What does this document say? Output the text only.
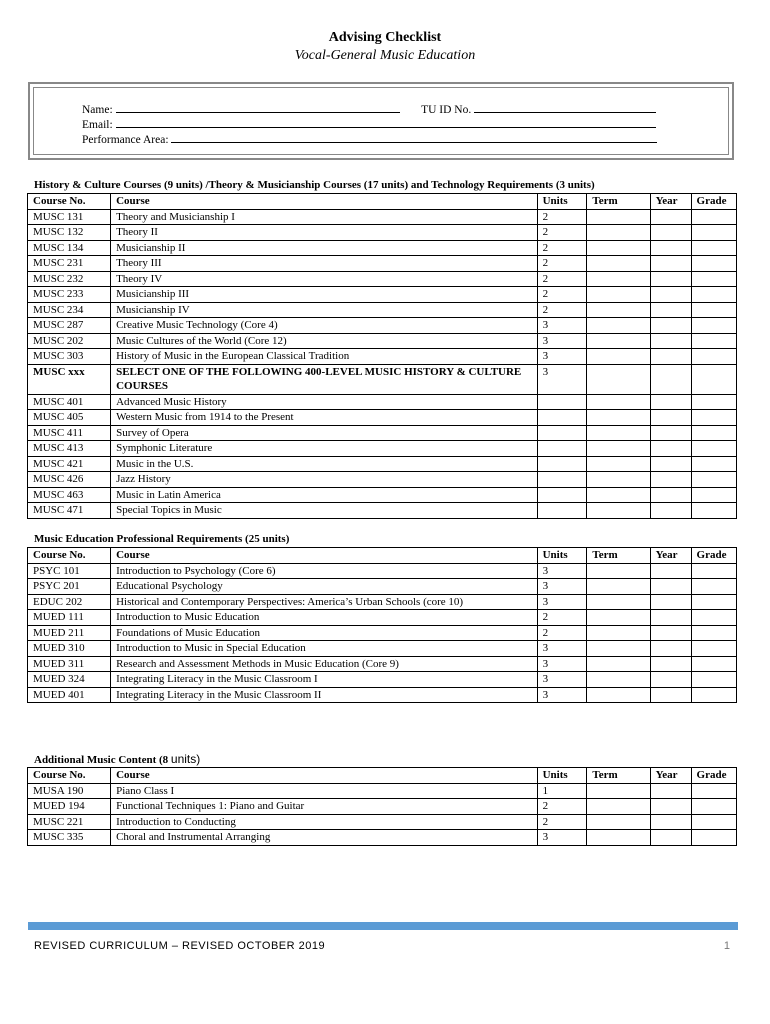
Advising Checklist
Vocal-General Music Education
Name:	TU ID No.
Email:
Performance Area:
History & Culture Courses (9 units) /Theory & Musicianship Courses (17 units) and Technology Requirements (3 units)
Course No.	Course	Units	Term	Year	Grade
MUSC 131	Theory and Musicianship I	2			
MUSC 132	Theory II	2			
MUSC 134	Musicianship II	2			
MUSC 231	Theory III	2			
MUSC 232	Theory IV	2			
MUSC 233	Musicianship III	2			
MUSC 234	Musicianship IV	2			
MUSC 287	Creative Music Technology (Core 4)	3			
MUSC 202	Music Cultures of the World (Core 12)	3			
MUSC 303	History of Music in the European Classical Tradition	3			
MUSC xxx	SELECT ONE OF THE FOLLOWING 400-LEVEL MUSIC HISTORY & CULTURE COURSES	3			
MUSC 401	Advanced Music History				
MUSC 405	Western Music from 1914 to the Present				
MUSC 411	Survey of Opera				
MUSC 413	Symphonic Literature				
MUSC 421	Music in the U.S.				
MUSC 426	Jazz History				
MUSC 463	Music in Latin America				
MUSC 471	Special Topics in Music				
Music Education Professional Requirements (25 units)
Course No.	Course	Units	Term	Year	Grade
PSYC 101	Introduction to Psychology (Core 6)	3			
PSYC 201	Educational Psychology	3			
EDUC 202	Historical and Contemporary Perspectives: America’s Urban Schools (core 10)	3			
MUED 111	Introduction to Music Education	2			
MUED 211	Foundations of Music Education	2			
MUED 310	Introduction to Music in Special Education	3			
MUED 311	Research and Assessment Methods in Music Education (Core 9)	3			
MUED 324	Integrating Literacy in the Music Classroom I	3			
MUED 401	Integrating Literacy in the Music Classroom II	3			
Additional Music Content (8 units)
Course No.	Course	Units	Term	Year	Grade
MUSA 190	Piano Class I	1			
MUED 194	Functional Techniques 1: Piano and Guitar	2			
MUSC 221	Introduction to Conducting	2			
MUSC 335	Choral and Instrumental Arranging	3			
REVISED CURRICULUM – REVISED OCTOBER 2019	1
